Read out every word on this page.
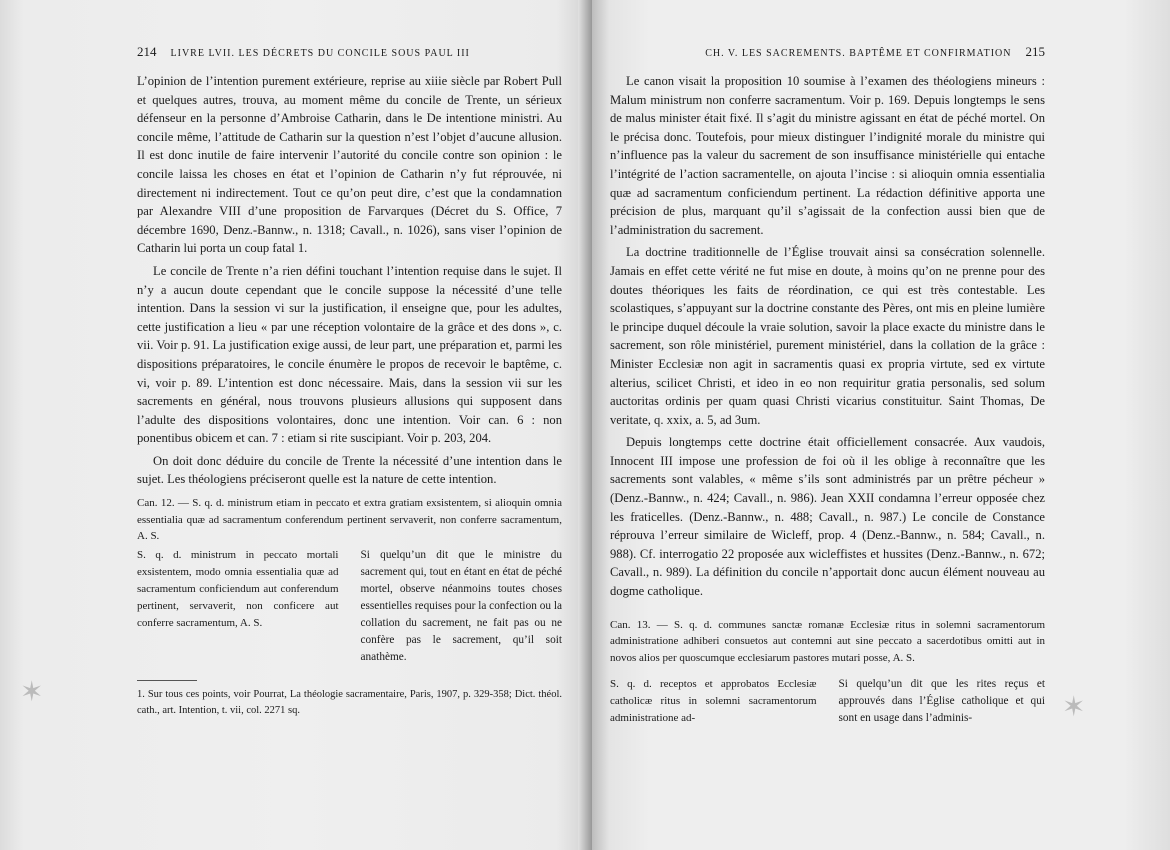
214 LIVRE LVII. LES DÉCRETS DU CONCILE SOUS PAUL III

L’opinion de l’intention purement extérieure, reprise au xiiie siècle par Robert Pull et quelques autres, trouva, au moment même du concile de Trente, un sérieux défenseur en la personne d’Ambroise Catharin, dans le De intentione ministri. Au concile même, l’attitude de Catharin sur la question n’est l’objet d’aucune allusion. Il est donc inutile de faire intervenir l’autorité du concile contre son opinion : le concile laissa les choses en état et l’opinion de Catharin n’y fut réprouvée, ni directement ni indirectement. Tout ce qu’on peut dire, c’est que la condamnation par Alexandre VIII d’une proposition de Farvarques (Décret du S. Office, 7 décembre 1690, Denz.-Bannw., n. 1318; Cavall., n. 1026), sans viser l’opinion de Catharin lui porta un coup fatal 1.

Le concile de Trente n’a rien défini touchant l’intention requise dans le sujet. Il n’y a aucun doute cependant que le concile suppose la nécessité d’une telle intention. Dans la session vi sur la justification, il enseigne que, pour les adultes, cette justification a lieu « par une réception volontaire de la grâce et des dons », c. vii. Voir p. 91. La justification exige aussi, de leur part, une préparation et, parmi les dispositions préparatoires, le concile énumère le propos de recevoir le baptême, c. vi, voir p. 89. L’intention est donc nécessaire. Mais, dans la session vii sur les sacrements en général, nous trouvons plusieurs allusions qui supposent dans l’adulte des dispositions volontaires, donc une intention. Voir can. 6 : non ponentibus obicem et can. 7 : etiam si rite suscipiant. Voir p. 203, 204.

On doit donc déduire du concile de Trente la nécessité d’une intention dans le sujet. Les théologiens préciseront quelle est la nature de cette intention.

Can. 12. — S. q. d. ministrum etiam in peccato et extra gratiam exsistentem, si alioquin omnia essentialia quæ ad sacramentum conferendum pertinent servaverit, non conferre sacramentum, A. S.

S. q. d. ministrum in peccato mortali exsistentem, modo omnia essentialia quæ ad sacramentum conficiendum aut conferendum pertinent, servaverit, non conficere aut conferre sacramentum, A. S.

Si quelqu’un dit que le ministre du sacrement qui, tout en étant en état de péché mortel, observe néanmoins toutes choses essentielles requises pour la confection ou la collation du sacrement, ne fait pas ou ne confère pas le sacrement, qu’il soit anathème.

1. Sur tous ces points, voir Pourrat, La théologie sacramentaire, Paris, 1907, p. 329-358; Dict. théol. cath., art. Intention, t. vii, col. 2271 sq.

✶
CH. V. LES SACREMENTS. BAPTÊME ET CONFIRMATION 215

Le canon visait la proposition 10 soumise à l’examen des théologiens mineurs : Malum ministrum non conferre sacramentum. Voir p. 169. Depuis longtemps le sens de malus minister était fixé. Il s’agit du ministre agissant en état de péché mortel. On le précisa donc. Toutefois, pour mieux distinguer l’indignité morale du ministre qui n’influence pas la valeur du sacrement de son insuffisance ministérielle qui entache l’intégrité de l’action sacramentelle, on ajouta l’incise : si alioquin omnia essentialia quæ ad sacramentum conficiendum pertinent. La rédaction définitive apporta une précision de plus, marquant qu’il s’agissait de la confection aussi bien que de l’administration du sacrement.

La doctrine traditionnelle de l’Église trouvait ainsi sa consécration solennelle. Jamais en effet cette vérité ne fut mise en doute, à moins qu’on ne prenne pour des doutes théoriques les faits de réordination, ce qui est très contestable. Les scolastiques, s’appuyant sur la doctrine constante des Pères, ont mis en pleine lumière le principe duquel découle la vraie solution, savoir la place exacte du ministre dans le sacrement, son rôle ministériel, purement ministériel, dans la collation de la grâce : Minister Ecclesiæ non agit in sacramentis quasi ex propria virtute, sed ex virtute alterius, scilicet Christi, et ideo in eo non requiritur gratia personalis, sed solum auctoritas ordinis per quam quasi Christi vicarius constituitur. Saint Thomas, De veritate, q. xxix, a. 5, ad 3um.

Depuis longtemps cette doctrine était officiellement consacrée. Aux vaudois, Innocent III impose une profession de foi où il les oblige à reconnaître que les sacrements sont valables, « même s’ils sont administrés par un prêtre pécheur » (Denz.-Bannw., n. 424; Cavall., n. 986). Jean XXII condamna l’erreur opposée chez les fraticelles. (Denz.-Bannw., n. 488; Cavall., n. 987.) Le concile de Constance réprouva l’erreur similaire de Wicleff, prop. 4 (Denz.-Bannw., n. 584; Cavall., n. 988). Cf. interrogatio 22 proposée aux wicleffistes et hussites (Denz.-Bannw., n. 672; Cavall., n. 989). La définition du concile n’apportait donc aucun élément nouveau au dogme catholique.

Can. 13. — S. q. d. communes sanctæ romanæ Ecclesiæ ritus in solemni sacramentorum administratione adhiberi consuetos aut contemni aut sine peccato a sacerdotibus omitti aut in novos alios per quoscumque ecclesiarum pastores mutari posse, A. S.

S. q. d. receptos et approbatos Ecclesiæ catholicæ ritus in solemni sacramentorum administratione ad-

Si quelqu’un dit que les rites reçus et approuvés dans l’Église catholique et qui sont en usage dans l’adminis-	✶
